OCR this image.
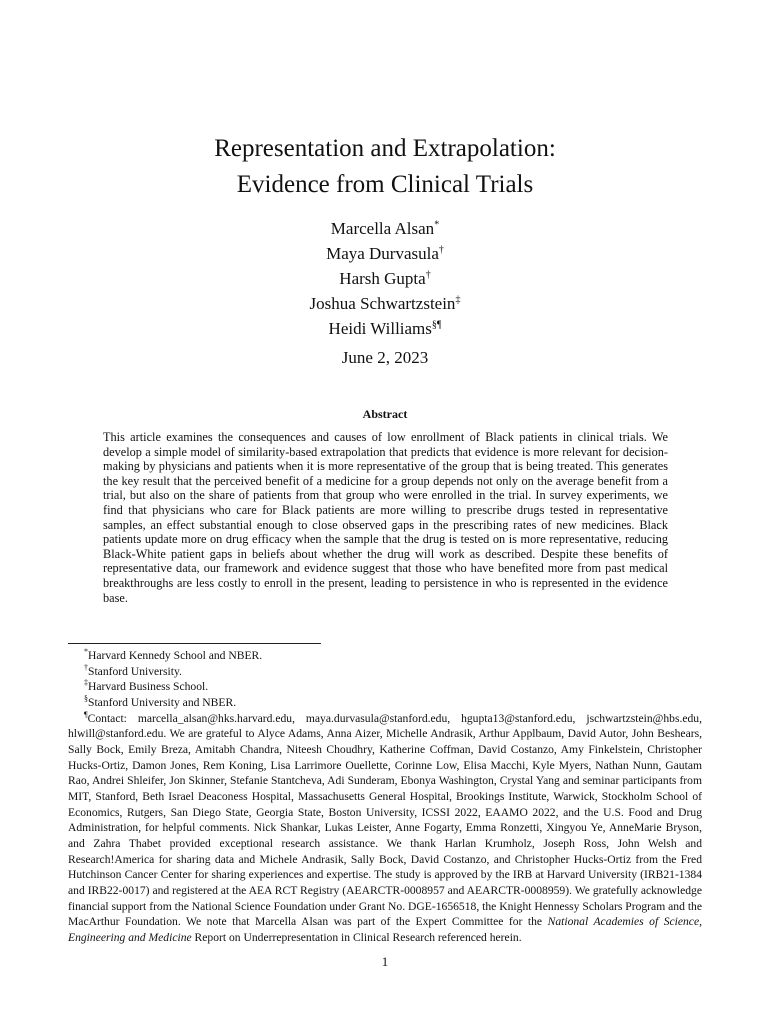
Representation and Extrapolation:
Evidence from Clinical Trials
Marcella Alsan*
Maya Durvasula†
Harsh Gupta†
Joshua Schwartzstein‡
Heidi Williams§¶
June 2, 2023
Abstract

This article examines the consequences and causes of low enrollment of Black patients in clinical trials. We develop a simple model of similarity-based extrapolation that predicts that evidence is more relevant for decision-making by physicians and patients when it is more representative of the group that is being treated. This generates the key result that the perceived benefit of a medicine for a group depends not only on the average benefit from a trial, but also on the share of patients from that group who were enrolled in the trial. In survey experiments, we find that physicians who care for Black patients are more willing to prescribe drugs tested in representative samples, an effect substantial enough to close observed gaps in the prescribing rates of new medicines. Black patients update more on drug efficacy when the sample that the drug is tested on is more representative, reducing Black-White patient gaps in beliefs about whether the drug will work as described. Despite these benefits of representative data, our framework and evidence suggest that those who have benefited more from past medical breakthroughs are less costly to enroll in the present, leading to persistence in who is represented in the evidence base.

*Harvard Kennedy School and NBER.
†Stanford University.
‡Harvard Business School.
§Stanford University and NBER.
¶Contact: marcella_alsan@hks.harvard.edu, maya.durvasula@stanford.edu, hgupta13@stanford.edu, jschwartzstein@hbs.edu, hlwill@stanford.edu. We are grateful to Alyce Adams, Anna Aizer, Michelle Andrasik, Arthur Applbaum, David Autor, John Beshears, Sally Bock, Emily Breza, Amitabh Chandra, Niteesh Choudhry, Katherine Coffman, David Costanzo, Amy Finkelstein, Christopher Hucks-Ortiz, Damon Jones, Rem Koning, Lisa Larrimore Ouellette, Corinne Low, Elisa Macchi, Kyle Myers, Nathan Nunn, Gautam Rao, Andrei Shleifer, Jon Skinner, Stefanie Stantcheva, Adi Sunderam, Ebonya Washington, Crystal Yang and seminar participants from MIT, Stanford, Beth Israel Deaconess Hospital, Massachusetts General Hospital, Brookings Institute, Warwick, Stockholm School of Economics, Rutgers, San Diego State, Georgia State, Boston University, ICSSI 2022, EAAMO 2022, and the U.S. Food and Drug Administration, for helpful comments. Nick Shankar, Lukas Leister, Anne Fogarty, Emma Ronzetti, Xingyou Ye, AnneMarie Bryson, and Zahra Thabet provided exceptional research assistance. We thank Harlan Krumholz, Joseph Ross, John Welsh and Research!America for sharing data and Michele Andrasik, Sally Bock, David Costanzo, and Christopher Hucks-Ortiz from the Fred Hutchinson Cancer Center for sharing experiences and expertise. The study is approved by the IRB at Harvard University (IRB21-1384 and IRB22-0017) and registered at the AEA RCT Registry (AEARCTR-0008957 and AEARCTR-0008959). We gratefully acknowledge financial support from the National Science Foundation under Grant No. DGE-1656518, the Knight Hennessy Scholars Program and the MacArthur Foundation. We note that Marcella Alsan was part of the Expert Committee for the National Academies of Science, Engineering and Medicine Report on Underrepresentation in Clinical Research referenced herein.
1
